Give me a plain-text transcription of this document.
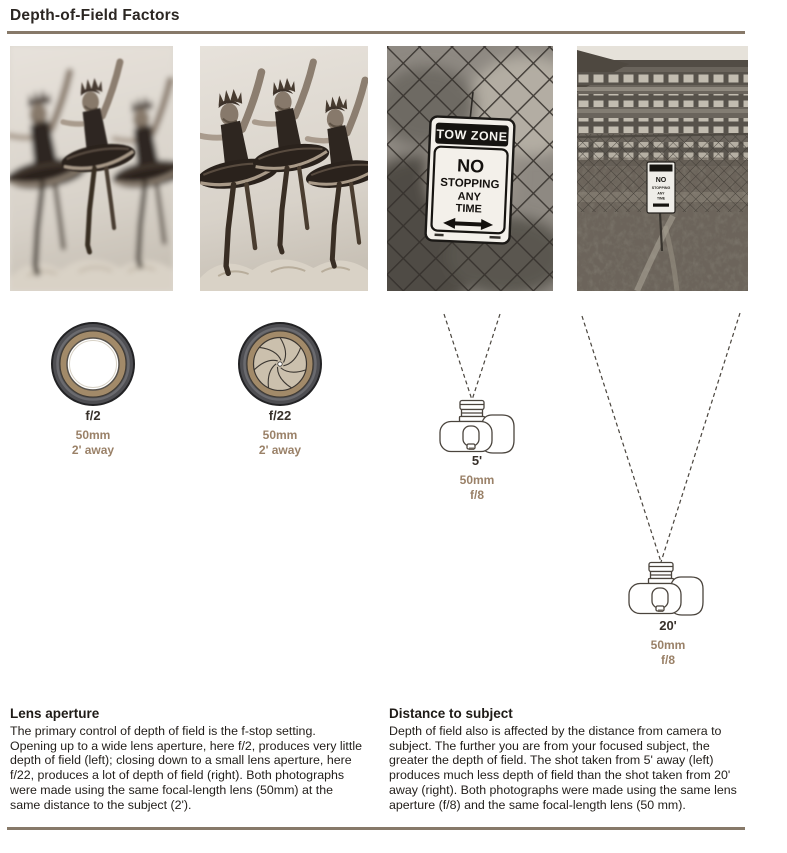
Depth-of-Field Factors
TOW ZONE
NO
STOPPING
ANY
TIME
NO
STOPPING
ANY
TIME
f/2
50mm
2' away
f/22
50mm
2' away
5'
50mm
f/8
20'
50mm
f/8
Lens aperture

The primary control of depth of field is the f-stop setting. Opening up to a wide lens aperture, here f/2, produces very little depth of field (left); closing down to a small lens aperture, here f/22, produces a lot of depth of field (right). Both photographs were made using the same focal-length lens (50mm) at the same distance to the subject (2').

Distance to subject

Depth of field also is affected by the distance from camera to subject. The further you are from your focused subject, the greater the depth of field. The shot taken from 5' away (left) produces much less depth of field than the shot taken from 20' away (right). Both photographs were made using the same lens aperture (f/8) and the same focal-length lens (50 mm).
